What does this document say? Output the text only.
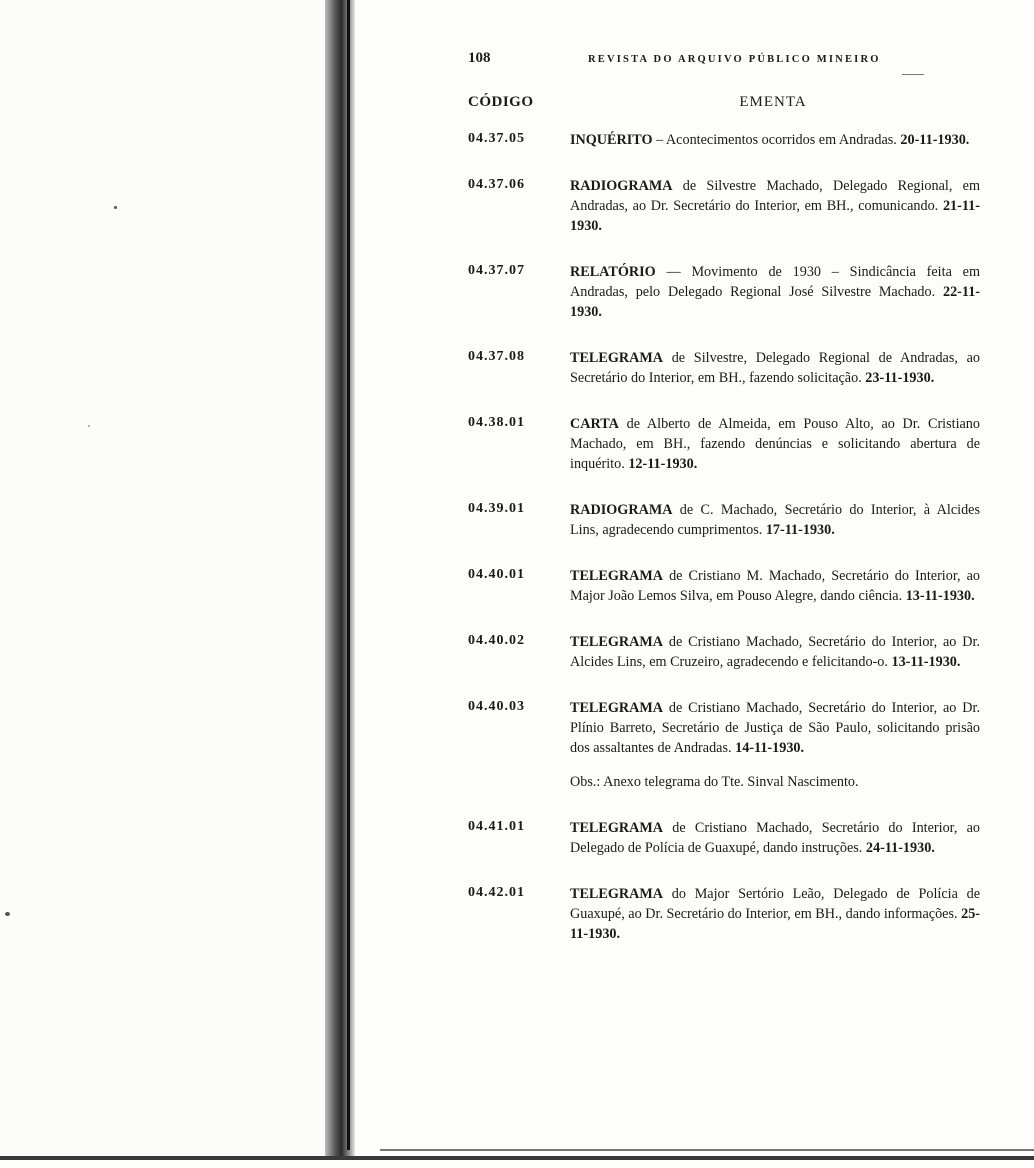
108	REVISTA DO ARQUIVO PÚBLICO MINEIRO
CÓDIGO	EMENTA
04.37.05	INQUÉRITO – Acontecimentos ocorridos em Andradas. 20-11-1930.
04.37.06	RADIOGRAMA de Silvestre Machado, Delegado Regional, em Andradas, ao Dr. Secretário do Interior, em BH., comunicando. 21-11-1930.
04.37.07	RELATÓRIO — Movimento de 1930 – Sindicância feita em Andradas, pelo Delegado Regional José Silvestre Machado. 22-11-1930.
04.37.08	TELEGRAMA de Silvestre, Delegado Regional de Andradas, ao Secretário do Interior, em BH., fazendo solicitação. 23-11-1930.
04.38.01	CARTA de Alberto de Almeida, em Pouso Alto, ao Dr. Cristiano Machado, em BH., fazendo denúncias e solicitando abertura de inquérito. 12-11-1930.
04.39.01	RADIOGRAMA de C. Machado, Secretário do Interior, à Alcides Lins, agradecendo cumprimentos. 17-11-1930.
04.40.01	TELEGRAMA de Cristiano M. Machado, Secretário do Interior, ao Major João Lemos Silva, em Pouso Alegre, dando ciência. 13-11-1930.
04.40.02	TELEGRAMA de Cristiano Machado, Secretário do Interior, ao Dr. Alcides Lins, em Cruzeiro, agradecendo e felicitando-o. 13-11-1930.
04.40.03	TELEGRAMA de Cristiano Machado, Secretário do Interior, ao Dr. Plínio Barreto, Secretário de Justiça de São Paulo, solicitando prisão dos assaltantes de Andradas. 14-11-1930.
Obs.: Anexo telegrama do Tte. Sinval Nascimento.
04.41.01	TELEGRAMA de Cristiano Machado, Secretário do Interior, ao Delegado de Polícia de Guaxupé, dando instruções. 24-11-1930.
04.42.01	TELEGRAMA do Major Sertório Leão, Delegado de Polícia de Guaxupé, ao Dr. Secretário do Interior, em BH., dando informações. 25-11-1930.
